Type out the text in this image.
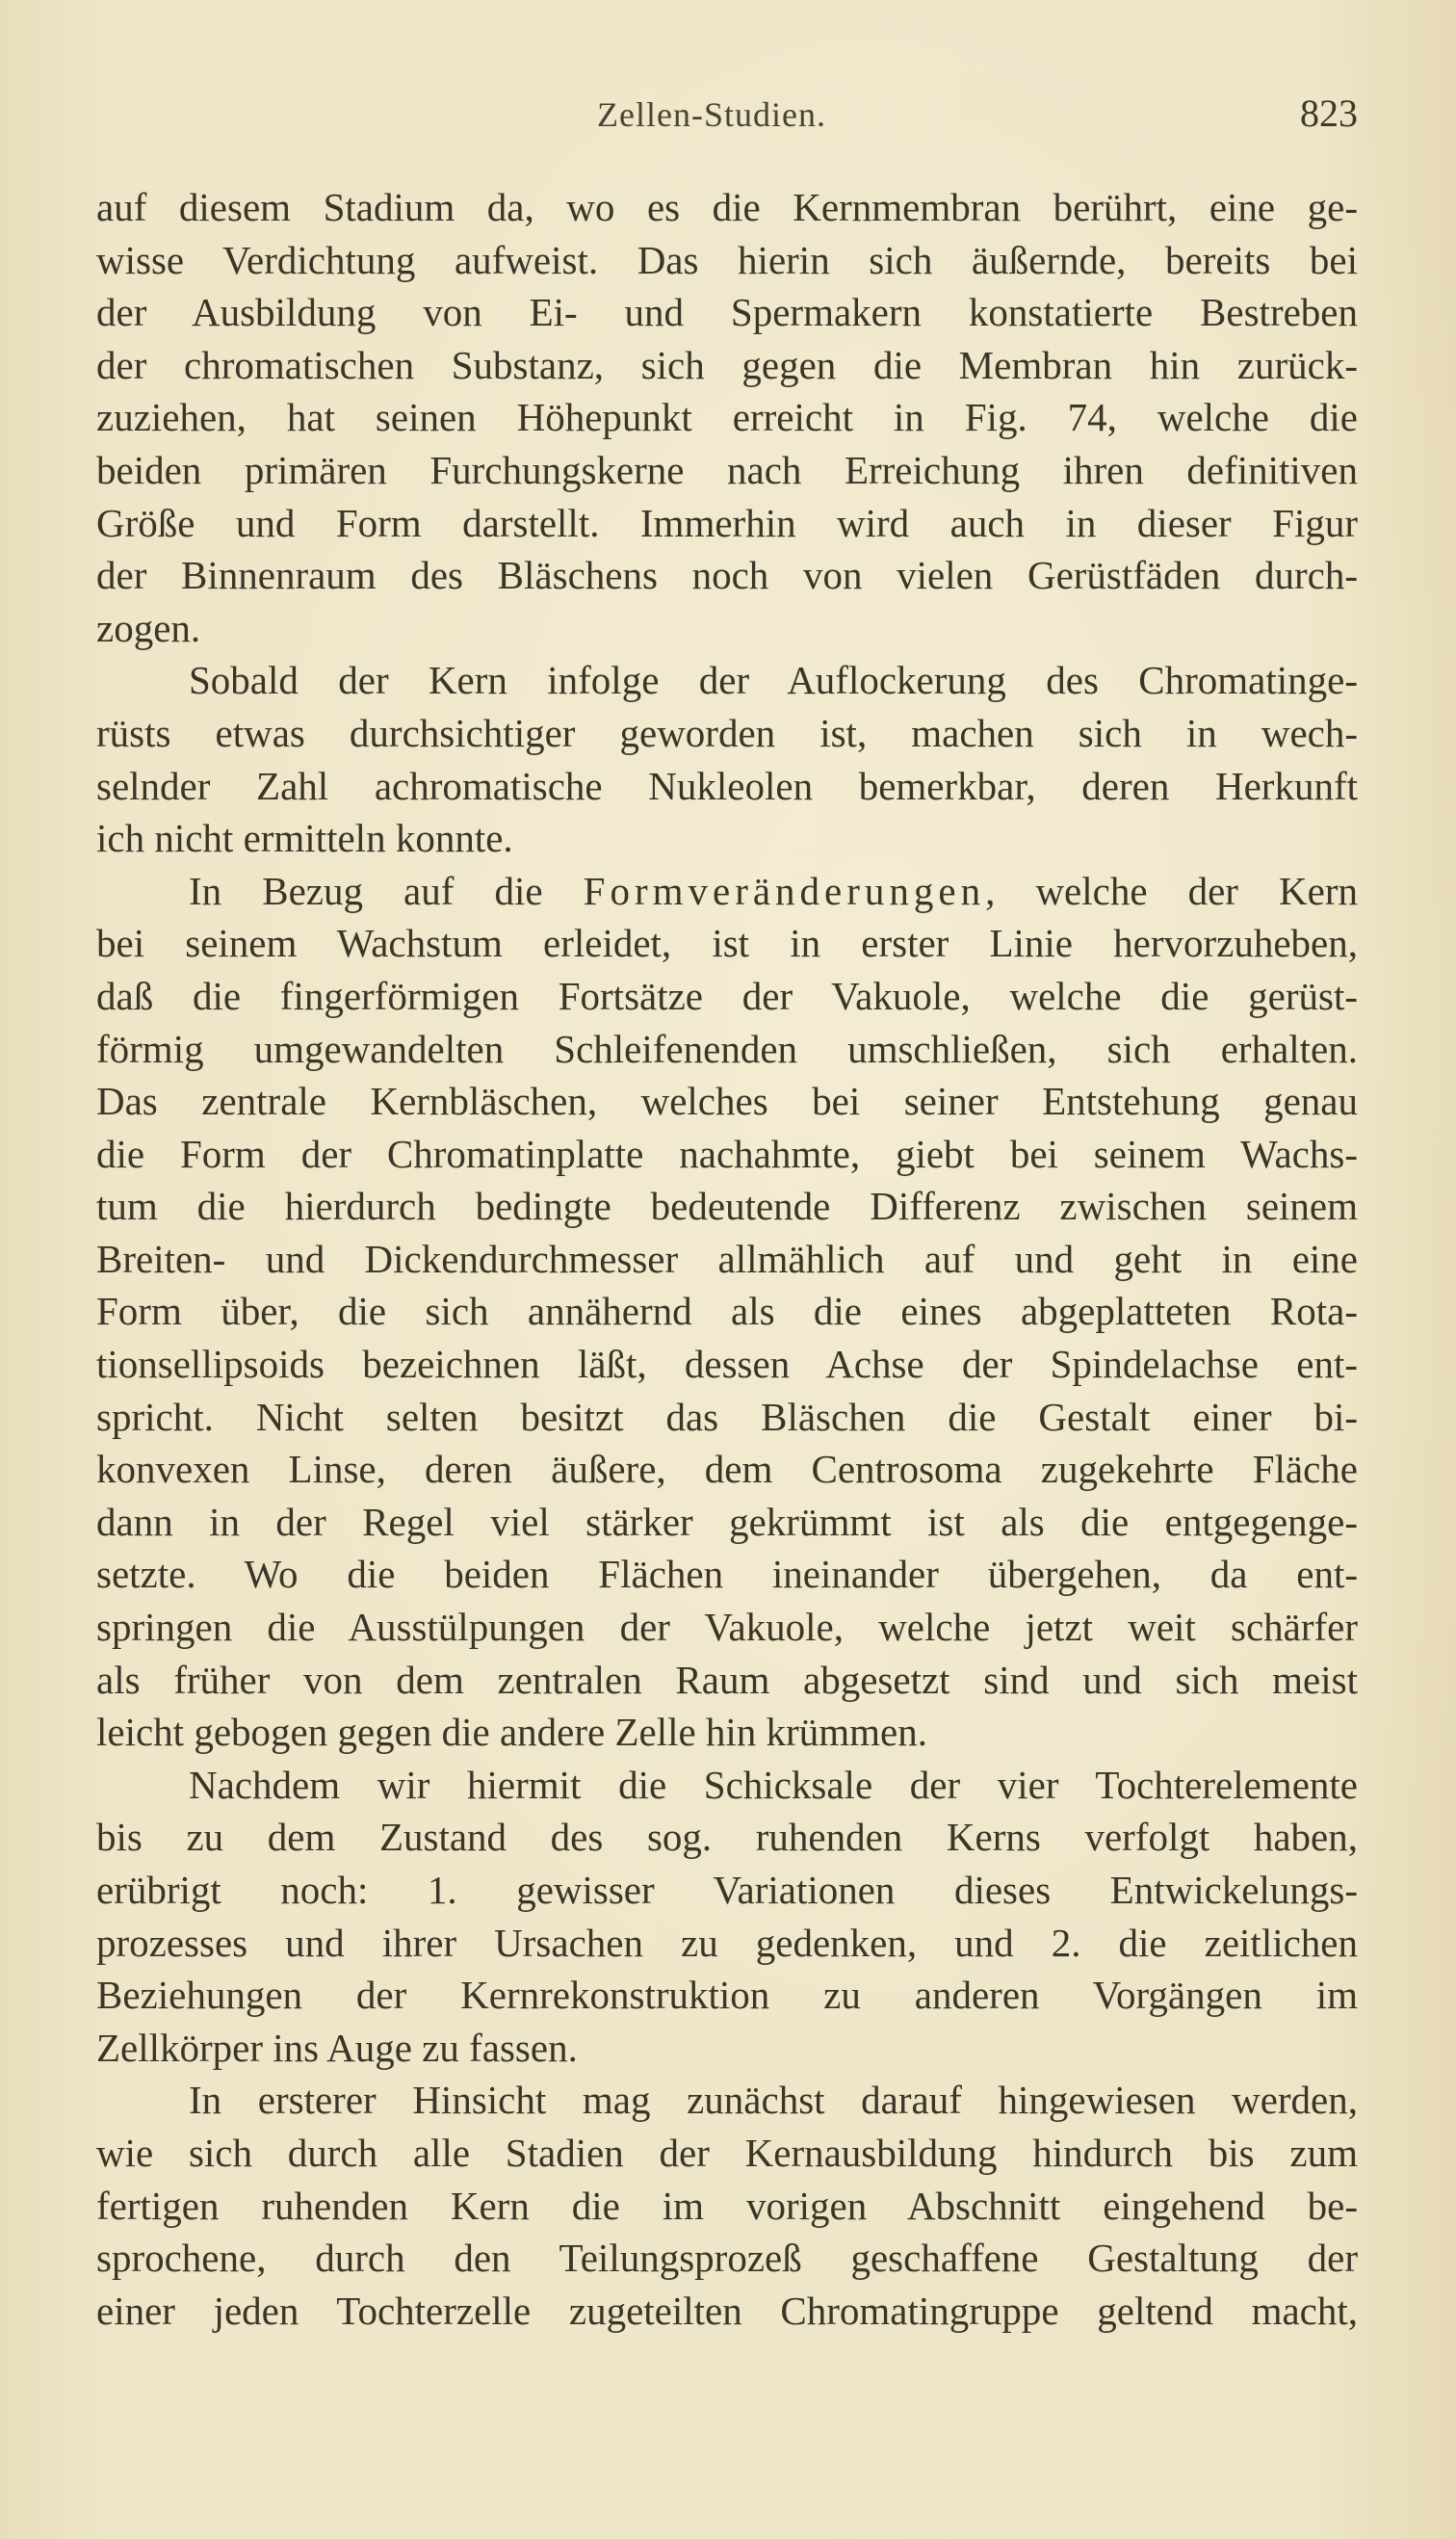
Zellen-Studien.	823
auf diesem Stadium da, wo es die Kernmembran berührt, eine ge-
wisse Verdichtung aufweist. Das hierin sich äußernde, bereits bei
der Ausbildung von Ei- und Spermakern konstatierte Bestreben
der chromatischen Substanz, sich gegen die Membran hin zurück-
zuziehen, hat seinen Höhepunkt erreicht in Fig. 74, welche die
beiden primären Furchungskerne nach Erreichung ihren definitiven
Größe und Form darstellt. Immerhin wird auch in dieser Figur
der Binnenraum des Bläschens noch von vielen Gerüstfäden durch-
zogen.
Sobald der Kern infolge der Auflockerung des Chromatinge-
rüsts etwas durchsichtiger geworden ist, machen sich in wech-
selnder Zahl achromatische Nukleolen bemerkbar, deren Herkunft
ich nicht ermitteln konnte.
In Bezug auf die Formveränderungen, welche der Kern
bei seinem Wachstum erleidet, ist in erster Linie hervorzuheben,
daß die fingerförmigen Fortsätze der Vakuole, welche die gerüst-
förmig umgewandelten Schleifenenden umschließen, sich erhalten.
Das zentrale Kernbläschen, welches bei seiner Entstehung genau
die Form der Chromatinplatte nachahmte, giebt bei seinem Wachs-
tum die hierdurch bedingte bedeutende Differenz zwischen seinem
Breiten- und Dickendurchmesser allmählich auf und geht in eine
Form über, die sich annähernd als die eines abgeplatteten Rota-
tionsellipsoids bezeichnen läßt, dessen Achse der Spindelachse ent-
spricht. Nicht selten besitzt das Bläschen die Gestalt einer bi-
konvexen Linse, deren äußere, dem Centrosoma zugekehrte Fläche
dann in der Regel viel stärker gekrümmt ist als die entgegenge-
setzte. Wo die beiden Flächen ineinander übergehen, da ent-
springen die Ausstülpungen der Vakuole, welche jetzt weit schärfer
als früher von dem zentralen Raum abgesetzt sind und sich meist
leicht gebogen gegen die andere Zelle hin krümmen.
Nachdem wir hiermit die Schicksale der vier Tochterelemente
bis zu dem Zustand des sog. ruhenden Kerns verfolgt haben,
erübrigt noch: 1. gewisser Variationen dieses Entwickelungs-
prozesses und ihrer Ursachen zu gedenken, und 2. die zeitlichen
Beziehungen der Kernrekonstruktion zu anderen Vorgängen im
Zellkörper ins Auge zu fassen.
In ersterer Hinsicht mag zunächst darauf hingewiesen werden,
wie sich durch alle Stadien der Kernausbildung hindurch bis zum
fertigen ruhenden Kern die im vorigen Abschnitt eingehend be-
sprochene, durch den Teilungsprozeß geschaffene Gestaltung der
einer jeden Tochterzelle zugeteilten Chromatingruppe geltend macht,
